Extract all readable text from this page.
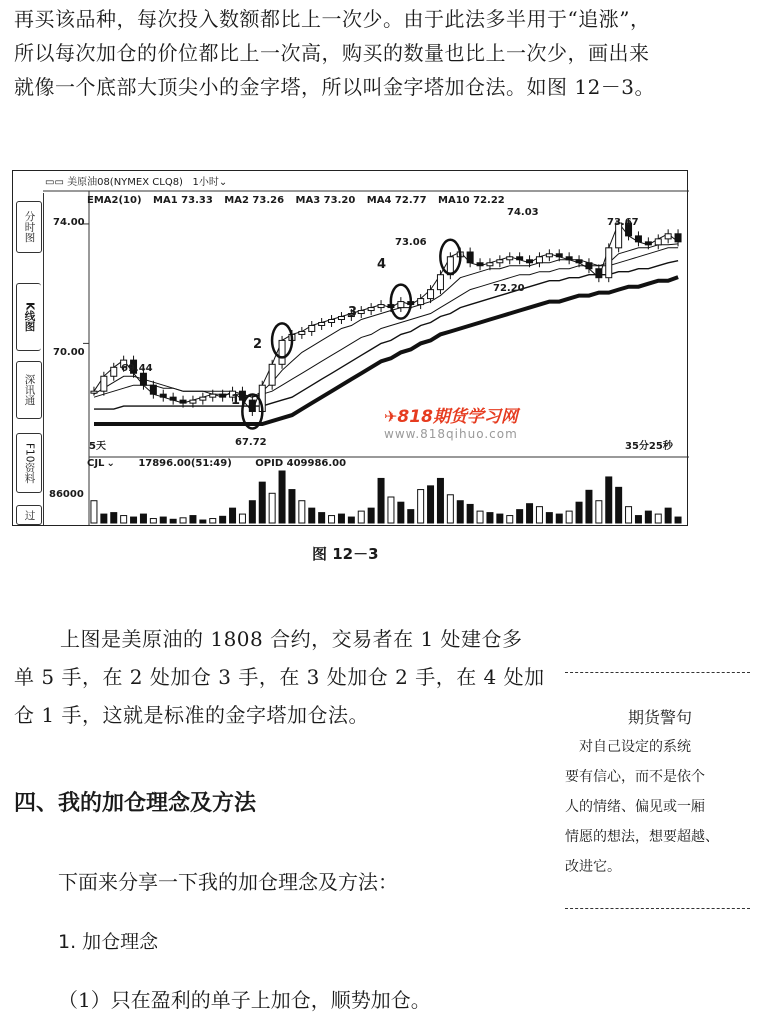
再买该品种，每次投入数额都比上一次少。由于此法多半用于“追涨”，

所以每次加仓的价位都比上一次高，购买的数量也比上一次少，画出来

就像一个底部大顶尖小的金字塔，所以叫金字塔加仓法。如图 12－3。

▭▭ 美原油08(NYMEX CLQ8) 1小时⌄
分时图
K线图
深讯通
F10资料
过
EMA2(10) MA1 73.33 MA2 73.26 MA3 73.20 MA4 72.77 MA10 72.22
74.00
70.00
86000
69.44
67.72
73.06
74.03
72.20
73.67
1
2
3
4
5天	35分25秒
CJL ⌄ 17896.00(51:49) OPID 409986.00
✈818期货学习网
www.818qihuo.com
图 12－3

上图是美原油的 1808 合约，交易者在 1 处建仓多

单 5 手，在 2 处加仓 3 手，在 3 处加仓 2 手，在 4 处加

仓 1 手，这就是标准的金字塔加仓法。

四、我的加仓理念及方法
下面来分享一下我的加仓理念及方法：
1. 加仓理念
（1）只在盈利的单子上加仓，顺势加仓。
期货警句
　对自己设定的系统
要有信心，而不是依个
人的情绪、偏见或一厢
情愿的想法，想要超越、
改进它。
